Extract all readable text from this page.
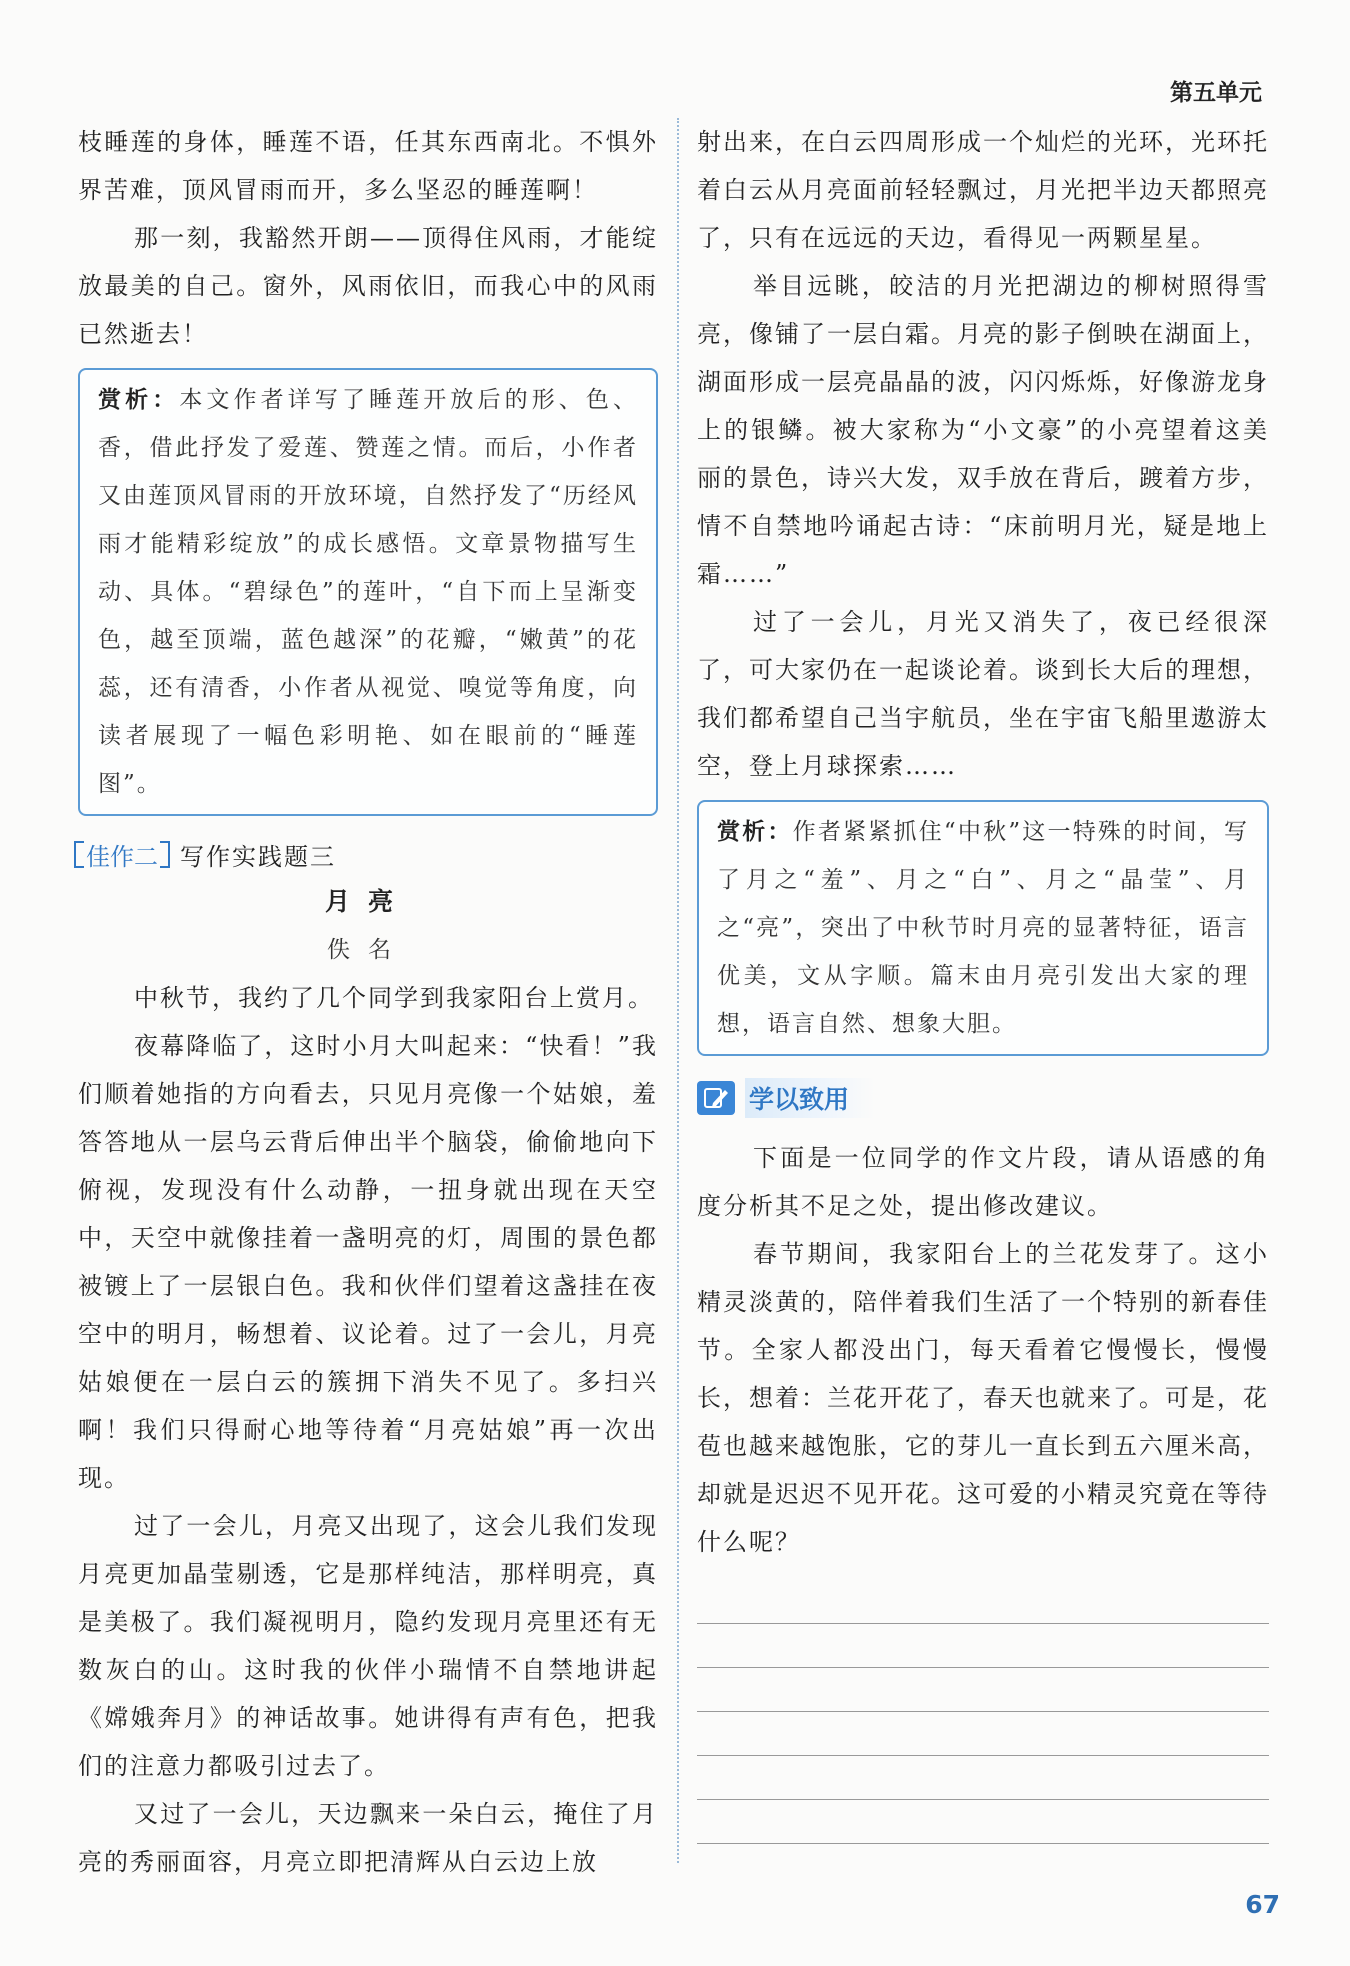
第五单元

枝睡莲的身体，睡莲不语，任其东西南北。不惧外界苦难，顶风冒雨而开，多么坚忍的睡莲啊！

那一刻，我豁然开朗——顶得住风雨，才能绽放最美的自己。窗外，风雨依旧，而我心中的风雨已然逝去！

赏析：本文作者详写了睡莲开放后的形、色、香，借此抒发了爱莲、赞莲之情。而后，小作者又由莲顶风冒雨的开放环境，自然抒发了“历经风雨才能精彩绽放”的成长感悟。文章景物描写生动、具体。“碧绿色”的莲叶，“自下而上呈渐变色，越至顶端，蓝色越深”的花瓣，“嫩黄”的花蕊，还有清香，小作者从视觉、嗅觉等角度，向读者展现了一幅色彩明艳、如在眼前的“睡莲图”。

佳作二 写作实践题三
月亮
佚名

中秋节，我约了几个同学到我家阳台上赏月。

夜幕降临了，这时小月大叫起来：“快看！”我们顺着她指的方向看去，只见月亮像一个姑娘，羞答答地从一层乌云背后伸出半个脑袋，偷偷地向下俯视，发现没有什么动静，一扭身就出现在天空中，天空中就像挂着一盏明亮的灯，周围的景色都被镀上了一层银白色。我和伙伴们望着这盏挂在夜空中的明月，畅想着、议论着。过了一会儿，月亮姑娘便在一层白云的簇拥下消失不见了。多扫兴啊！我们只得耐心地等待着“月亮姑娘”再一次出现。

过了一会儿，月亮又出现了，这会儿我们发现月亮更加晶莹剔透，它是那样纯洁，那样明亮，真是美极了。我们凝视明月，隐约发现月亮里还有无数灰白的山。这时我的伙伴小瑞情不自禁地讲起《嫦娥奔月》的神话故事。她讲得有声有色，把我们的注意力都吸引过去了。

又过了一会儿，天边飘来一朵白云，掩住了月亮的秀丽面容，月亮立即把清辉从白云边上放

射出来，在白云四周形成一个灿烂的光环，光环托着白云从月亮面前轻轻飘过，月光把半边天都照亮了，只有在远远的天边，看得见一两颗星星。

举目远眺，皎洁的月光把湖边的柳树照得雪亮，像铺了一层白霜。月亮的影子倒映在湖面上，湖面形成一层亮晶晶的波，闪闪烁烁，好像游龙身上的银鳞。被大家称为“小文豪”的小亮望着这美丽的景色，诗兴大发，双手放在背后，踱着方步，情不自禁地吟诵起古诗：“床前明月光，疑是地上霜……”

过了一会儿，月光又消失了，夜已经很深了，可大家仍在一起谈论着。谈到长大后的理想，我们都希望自己当宇航员，坐在宇宙飞船里遨游太空，登上月球探索……

赏析：作者紧紧抓住“中秋”这一特殊的时间，写了月之“羞”、月之“白”、月之“晶莹”、月之“亮”，突出了中秋节时月亮的显著特征，语言优美，文从字顺。篇末由月亮引发出大家的理想，语言自然、想象大胆。

学以致用

下面是一位同学的作文片段，请从语感的角度分析其不足之处，提出修改建议。

春节期间，我家阳台上的兰花发芽了。这小精灵淡黄的，陪伴着我们生活了一个特别的新春佳节。全家人都没出门，每天看着它慢慢长，慢慢长，想着：兰花开花了，春天也就来了。可是，花苞也越来越饱胀，它的芽儿一直长到五六厘米高，却就是迟迟不见开花。这可爱的小精灵究竟在等待什么呢？

67
